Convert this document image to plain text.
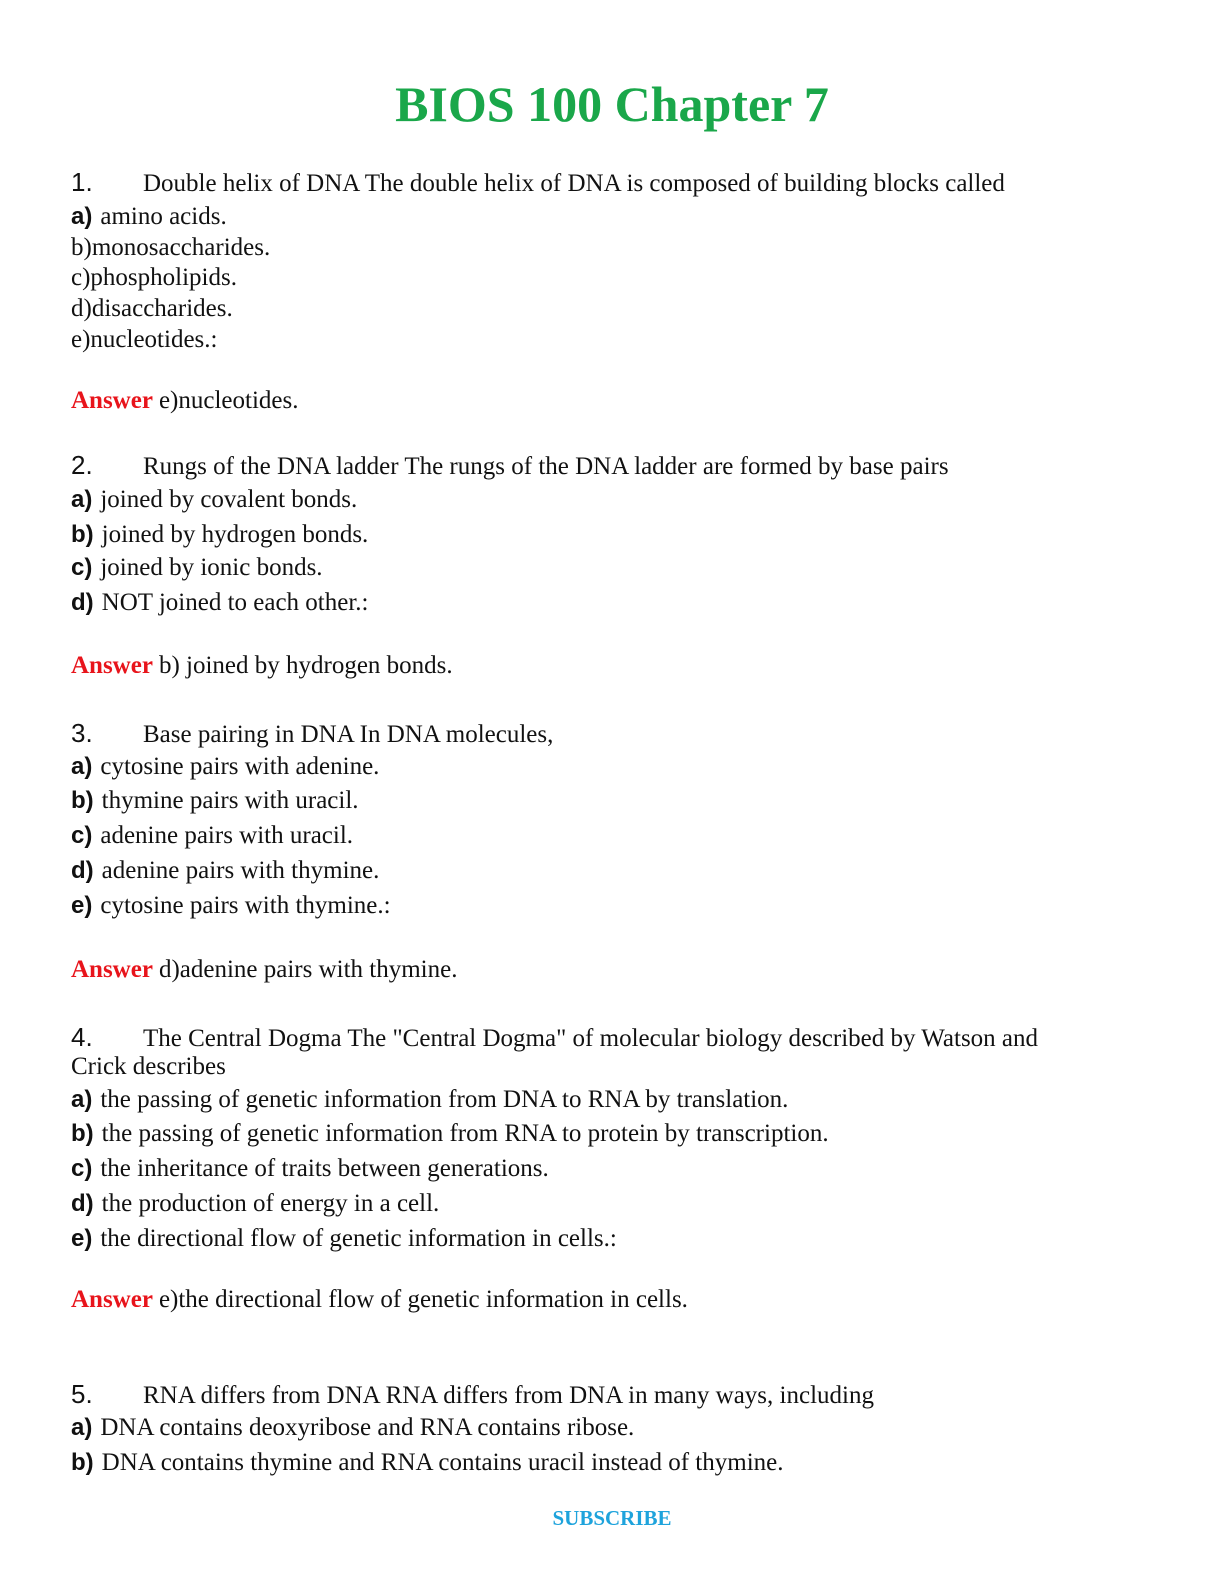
BIOS 100 Chapter 7
1. Double helix of DNA The double helix of DNA is composed of building blocks called
a) amino acids.
b)monosaccharides.
c)phospholipids.
d)disaccharides.
e)nucleotides.:
Answer e)nucleotides.
2. Rungs of the DNA ladder The rungs of the DNA ladder are formed by base pairs
a) joined by covalent bonds.
b) joined by hydrogen bonds.
c) joined by ionic bonds.
d) NOT joined to each other.:
Answer b) joined by hydrogen bonds.
3. Base pairing in DNA In DNA molecules,
a) cytosine pairs with adenine.
b) thymine pairs with uracil.
c) adenine pairs with uracil.
d) adenine pairs with thymine.
e) cytosine pairs with thymine.:
Answer d)adenine pairs with thymine.
4. The Central Dogma The "Central Dogma" of molecular biology described by Watson and
Crick describes
a) the passing of genetic information from DNA to RNA by translation.
b) the passing of genetic information from RNA to protein by transcription.
c) the inheritance of traits between generations.
d) the production of energy in a cell.
e) the directional flow of genetic information in cells.:
Answer e)the directional flow of genetic information in cells.
5. RNA differs from DNA RNA differs from DNA in many ways, including
a) DNA contains deoxyribose and RNA contains ribose.
b) DNA contains thymine and RNA contains uracil instead of thymine.
SUBSCRIBE
